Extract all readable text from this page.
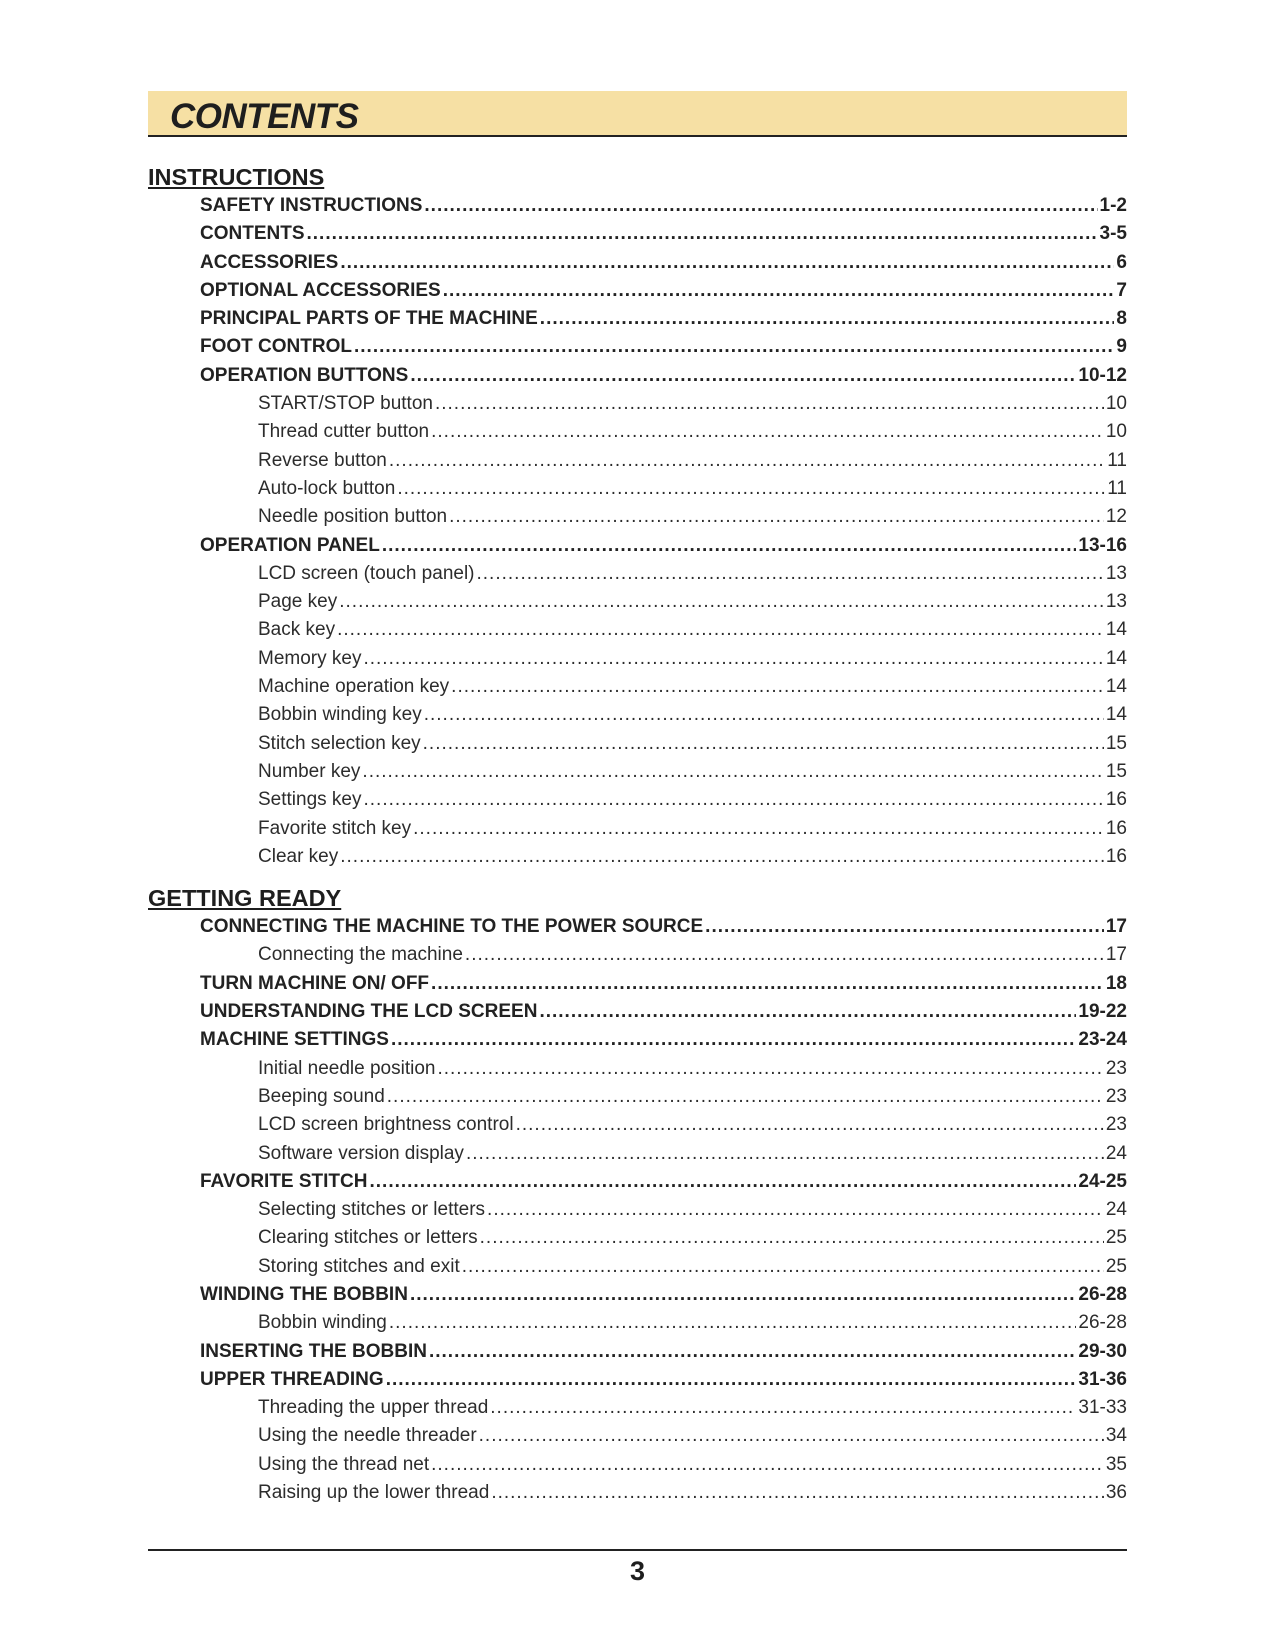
CONTENTS
INSTRUCTIONS
SAFETY INSTRUCTIONS .....	1-2
CONTENTS .....	3-5
ACCESSORIES .....	6
OPTIONAL ACCESSORIES .....	7
PRINCIPAL PARTS OF THE MACHINE .....	8
FOOT CONTROL .....	9
OPERATION BUTTONS .....	10-12
START/STOP button .....	10
Thread cutter button .....	10
Reverse button .....	11
Auto-lock button .....	11
Needle position button .....	12
OPERATION PANEL .....	13-16
LCD screen (touch panel) .....	13
Page key .....	13
Back key .....	14
Memory key .....	14
Machine operation key .....	14
Bobbin winding key .....	14
Stitch selection key .....	15
Number key .....	15
Settings key .....	16
Favorite stitch key .....	16
Clear key .....	16
GETTING READY
CONNECTING THE MACHINE TO THE POWER SOURCE .....	17
Connecting the machine .....	17
TURN MACHINE ON/ OFF .....	18
UNDERSTANDING THE LCD SCREEN .....	19-22
MACHINE SETTINGS .....	23-24
Initial needle position .....	23
Beeping sound .....	23
LCD screen brightness control .....	23
Software version display .....	24
FAVORITE STITCH .....	24-25
Selecting stitches or letters .....	24
Clearing stitches or letters .....	25
Storing stitches and exit .....	25
WINDING THE BOBBIN .....	26-28
Bobbin winding .....	26-28
INSERTING THE BOBBIN .....	29-30
UPPER THREADING .....	31-36
Threading the upper thread .....	31-33
Using the needle threader .....	34
Using the thread net .....	35
Raising up the lower thread .....	36
3
